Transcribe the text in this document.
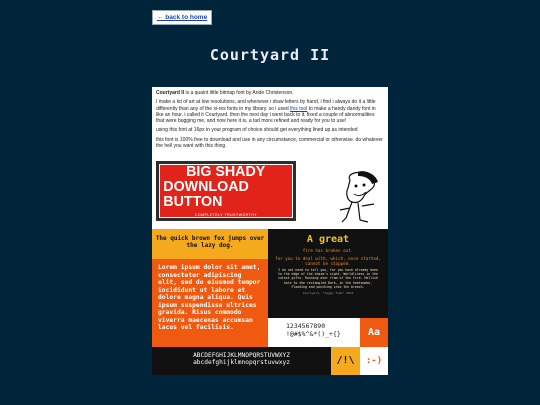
← back to home
Courtyard II

Courtyard II is a quaint little bitmap font by Ande Christenson.

I make a lot of art at low resolutions, and whenever i draw letters by hand, i find i always do it a little differently than any of the xi-res fonts in my library. so i used this tool to make a handy dandy font in like an hour. i called it Courtyard. then the next day i went back to it, fixed a couple of abnormalities that were bugging me, and now here it is, a tad more refined and ready for you to use!

using this font at 16px in your program of choice should get everything lined up as intended

this font is 100% free to download and use in any circumstance, commercial or otherwise. do whatever the hell you want with this thing.

BIG SHADY
DOWNLOAD BUTTON
COMPLETELY TRUSTWORTHY
The quick brown fox jumps over the lazy dog.
Lorem ipsum dolor sit amet, consectetur adipiscing elit, sed do eiusmod tempor incididunt ut labore et dolore magna aliqua. Quis ipsum suspendisse ultrices gravida. Risus commodo viverra maecenas accumsan lacus vel facilisis.
A great
fire has broken out.
for you to deal with, which, once started, cannot be stopped.
I do not need to tell you, for you have already been to the edge of the chasm's sight. Worldliness in the cutest gifts. Running over from of the fire. Hellish hole to the rectangled Dark, in the heatsmoke, Flooding and punching into the breach.
Courtyard, "Jaggy Tomb" 2024
1234567890
!@#$%^&*()_+{}	Aa
ABCDEFGHIJKLMNOPQRSTUVWXYZ
abcdefghijklmnopqrstuvwxyz	/!\	:-)
